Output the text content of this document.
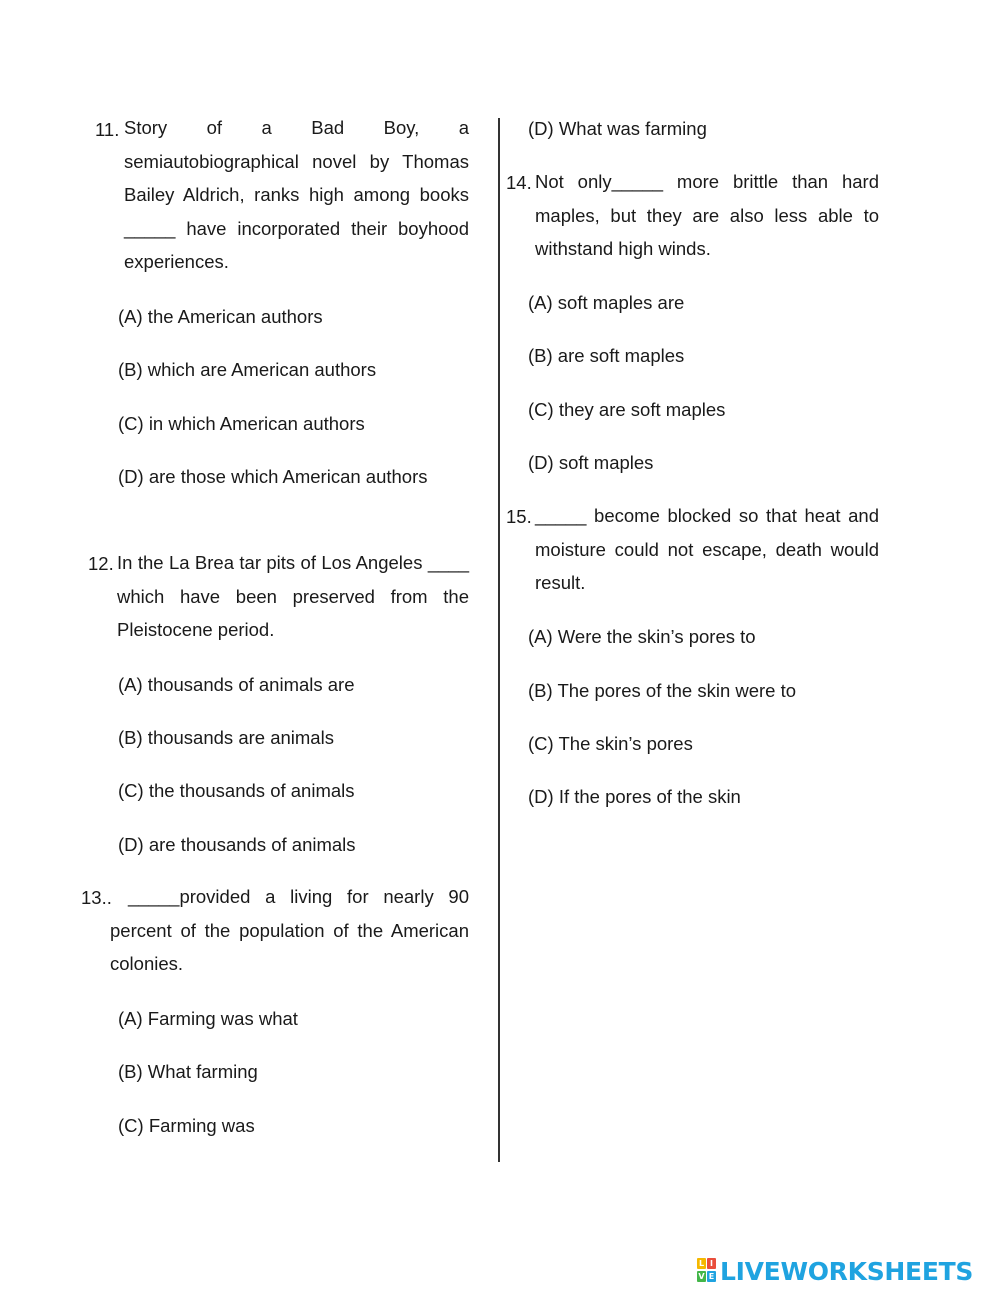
11. Story of a Bad Boy, a semiautobiographical novel by Thomas Bailey Aldrich, ranks high among books _____ have incorporated their boyhood experiences.
(A) the American authors
(B) which are American authors
(C) in which American authors
(D) are those which American authors
12. In the La Brea tar pits of Los Angeles ____ which have been preserved from the Pleistocene period.
(A) thousands of animals are
(B) thousands are animals
(C) the thousands of animals
(D) are thousands of animals
13.. _____provided a living for nearly 90 percent of the population of the American colonies.
(A) Farming was what
(B) What farming
(C) Farming was
(D) What was farming
14. Not only_____ more brittle than hard maples, but they are also less able to withstand high winds.
(A) soft maples are
(B) are soft maples
(C) they are soft maples
(D) soft maples
15. _____ become blocked so that heat and moisture could not escape, death would result.
(A) Were the skin’s pores to
(B) The pores of the skin were to
(C) The skin’s pores
(D) If the pores of the skin
L I
V E LIVEWORKSHEETS
